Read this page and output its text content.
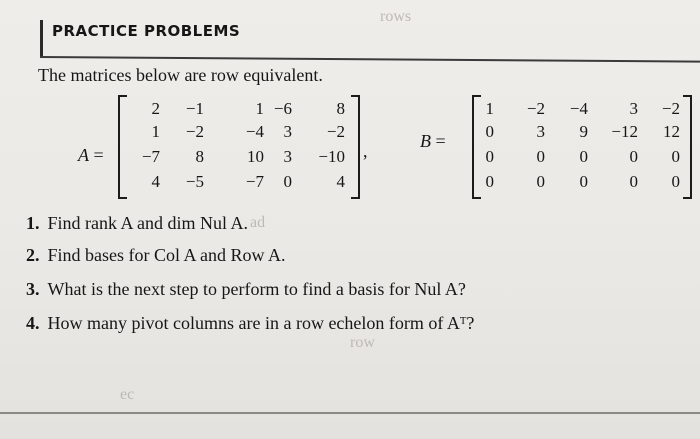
rows
ad
row
ec
PRACTICE PROBLEMS
The matrices below are row equivalent.
A =
2 −1	1 −6	8
1 −2 −4 3 −2
−7 8	10 3 −10
4 −5 −7 0	4
,	B =
1 −2 −4 3 −2
0	3 9 −12 12
0	0 0 0 0
0	0 0 0 0
1. Find rank A and dim Nul A.
2. Find bases for Col A and Row A.
3. What is the next step to perform to find a basis for Nul A?
4. How many pivot columns are in a row echelon form of Aᵀ?
